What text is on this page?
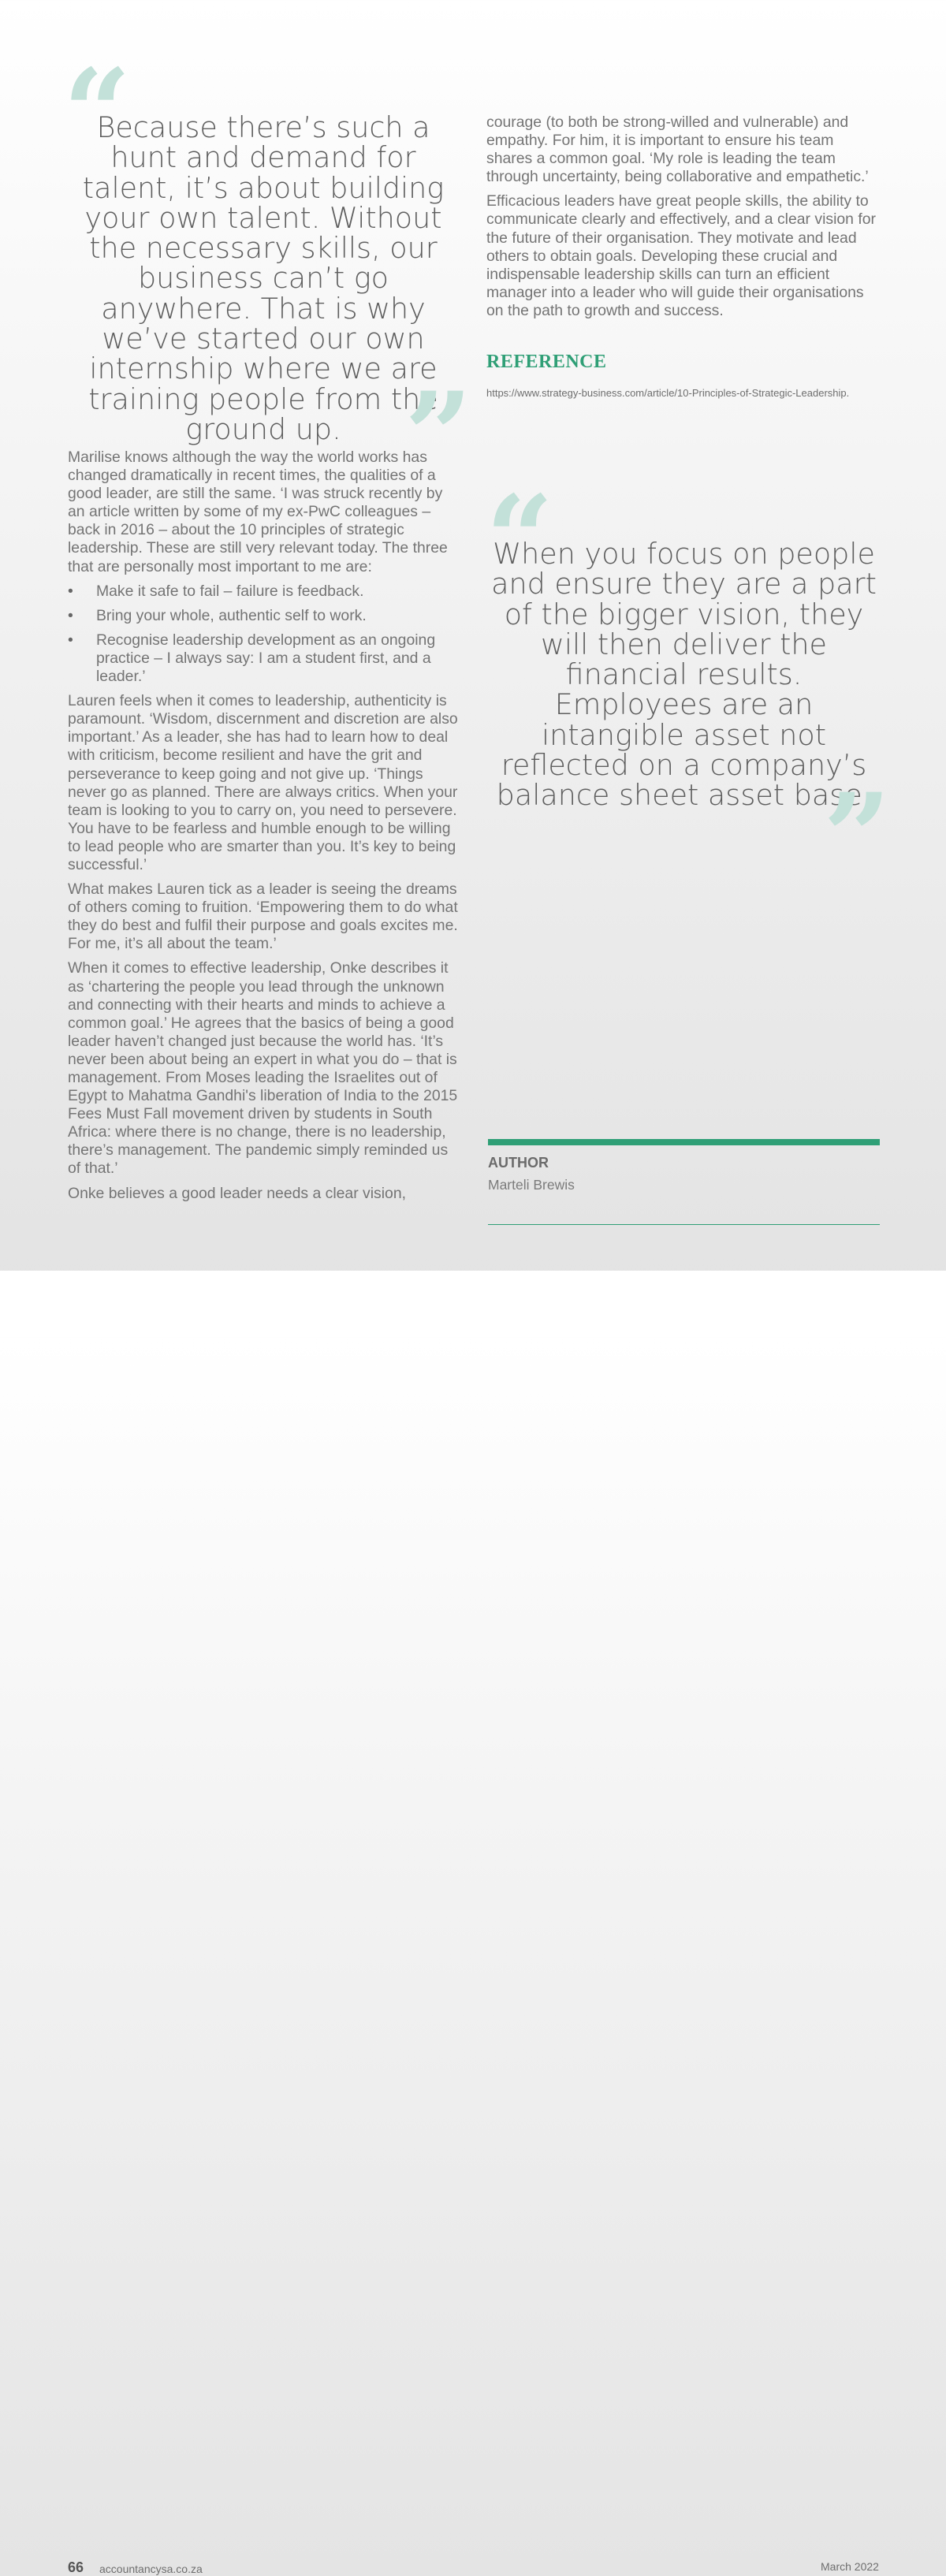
“

Because there’s such a hunt and demand for talent, it’s about building your own talent. Without the necessary skills, our business can’t go anywhere. That is why we’ve started our own internship where we are training people from the ground up. ”

Marilise knows although the way the world works has changed dramatically in recent times, the qualities of a good leader, are still the same. ‘I was struck recently by an article written by some of my ex-PwC colleagues – back in 2016 – about the 10 principles of strategic leadership. These are still very relevant today. The three that are personally most important to me are:

• Make it safe to fail – failure is feedback.
• Bring your whole, authentic self to work.
• Recognise leadership development as an ongoing practice – I always say: I am a student first, and a leader.’

Lauren feels when it comes to leadership, authenticity is paramount. ‘Wisdom, discernment and discretion are also important.’ As a leader, she has had to learn how to deal with criticism, become resilient and have the grit and perseverance to keep going and not give up. ‘Things never go as planned. There are always critics. When your team is looking to you to carry on, you need to persevere. You have to be fearless and humble enough to be willing to lead people who are smarter than you. It’s key to being successful.’

What makes Lauren tick as a leader is seeing the dreams of others coming to fruition. ‘Empowering them to do what they do best and fulfil their purpose and goals excites me. For me, it’s all about the team.’

When it comes to effective leadership, Onke describes it as ‘chartering the people you lead through the unknown and connecting with their hearts and minds to achieve a common goal.’ He agrees that the basics of being a good leader haven’t changed just because the world has. ‘It’s never been about being an expert in what you do – that is management. From Moses leading the Israelites out of Egypt to Mahatma Gandhi's liberation of India to the 2015 Fees Must Fall movement driven by students in South Africa: where there is no change, there is no leadership, there’s management. The pandemic simply reminded us of that.’

Onke believes a good leader needs a clear vision,

courage (to both be strong-willed and vulnerable) and empathy. For him, it is important to ensure his team shares a common goal. ‘My role is leading the team through uncertainty, being collaborative and empathetic.’

Efficacious leaders have great people skills, the ability to communicate clearly and effectively, and a clear vision for the future of their organisation. They motivate and lead others to obtain goals. Developing these crucial and indispensable leadership skills can turn an efficient manager into a leader who will guide their organisations on the path to growth and success.

REFERENCE
https://www.strategy-business.com/article/10-Principles-of-Strategic-Leadership.
“

When you focus on people and ensure they are a part of the bigger vision, they will then deliver the financial results. Employees are an intangible asset not reflected on a company’s balance sheet asset base.

”
AUTHOR
Marteli Brewis
66 accountancysa.co.za	March 2022
